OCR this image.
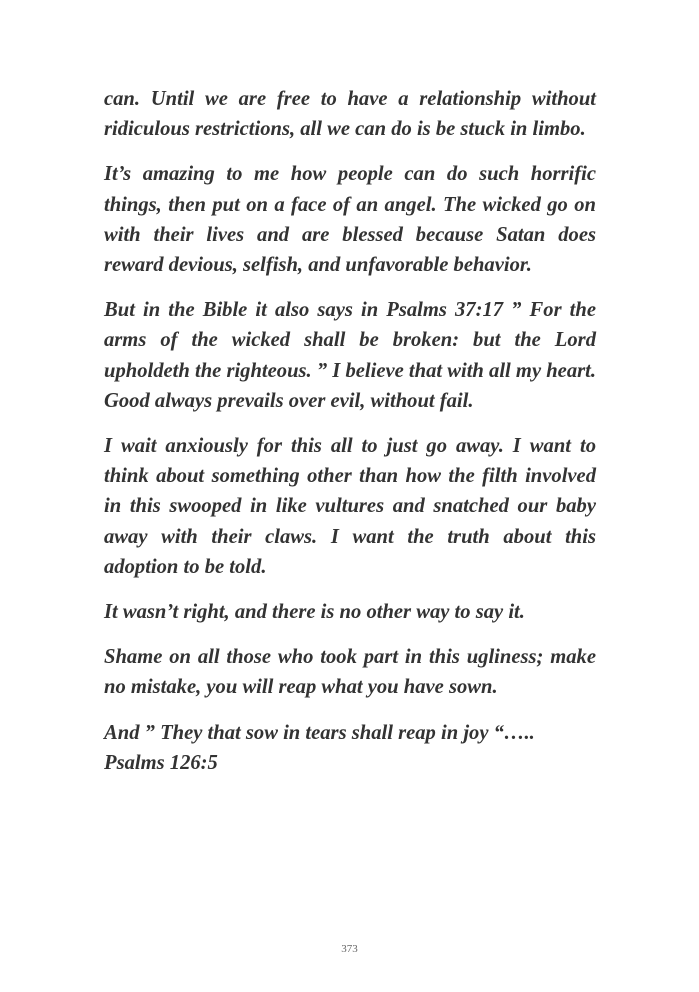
can. Until we are free to have a relationship without ridiculous restrictions, all we can do is be stuck in limbo.

It’s amazing to me how people can do such horrific things, then put on a face of an angel. The wicked go on with their lives and are blessed because Satan does reward devious, selfish, and unfavorable behavior.

But in the Bible it also says in Psalms 37:17 ” For the arms of the wicked shall be broken: but the Lord upholdeth the righteous. ” I believe that with all my heart. Good always prevails over evil, without fail.

I wait anxiously for this all to just go away. I want to think about something other than how the filth involved in this swooped in like vultures and snatched our baby away with their claws. I want the truth about this adoption to be told.

It wasn’t right, and there is no other way to say it.

Shame on all those who took part in this ugliness; make no mistake, you will reap what you have sown.

And ” They that sow in tears shall reap in joy “…..
Psalms 126:5

373
